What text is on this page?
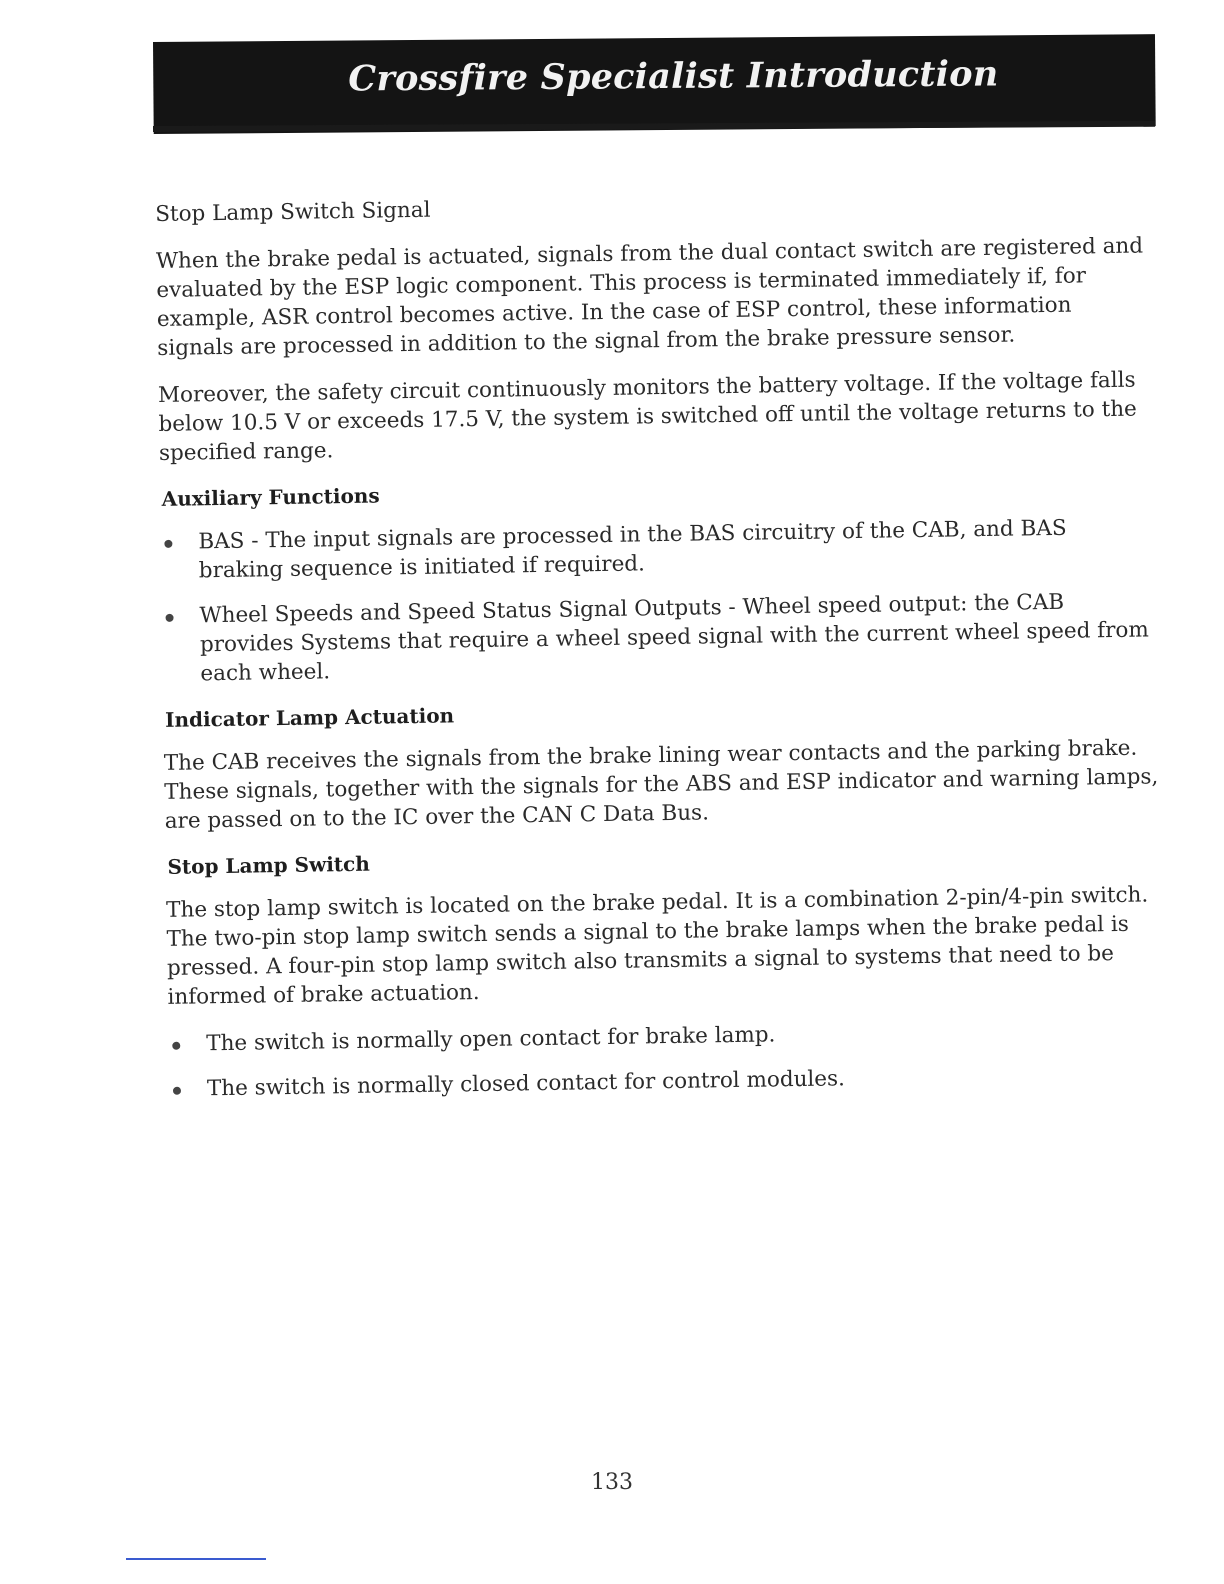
Crossfire Specialist Introduction

Stop Lamp Switch Signal

When the brake pedal is actuated, signals from the dual contact switch are registered and evaluated by the ESP logic component. This process is terminated immediately if, for example, ASR control becomes active. In the case of ESP control, these information signals are processed in addition to the signal from the brake pressure sensor.

Moreover, the safety circuit continuously monitors the battery voltage. If the voltage falls below 10.5 V or exceeds 17.5 V, the system is switched off until the voltage returns to the specified range.

Auxiliary Functions
BAS - The input signals are processed in the BAS circuitry of the CAB, and BAS braking sequence is initiated if required.
Wheel Speeds and Speed Status Signal Outputs - Wheel speed output: the CAB provides Systems that require a wheel speed signal with the current wheel speed from each wheel.
Indicator Lamp Actuation

The CAB receives the signals from the brake lining wear contacts and the parking brake. These signals, together with the signals for the ABS and ESP indicator and warning lamps, are passed on to the IC over the CAN C Data Bus.

Stop Lamp Switch

The stop lamp switch is located on the brake pedal. It is a combination 2-pin/4-pin switch. The two-pin stop lamp switch sends a signal to the brake lamps when the brake pedal is pressed. A four-pin stop lamp switch also transmits a signal to systems that need to be informed of brake actuation.

The switch is normally open contact for brake lamp.
The switch is normally closed contact for control modules.
133
